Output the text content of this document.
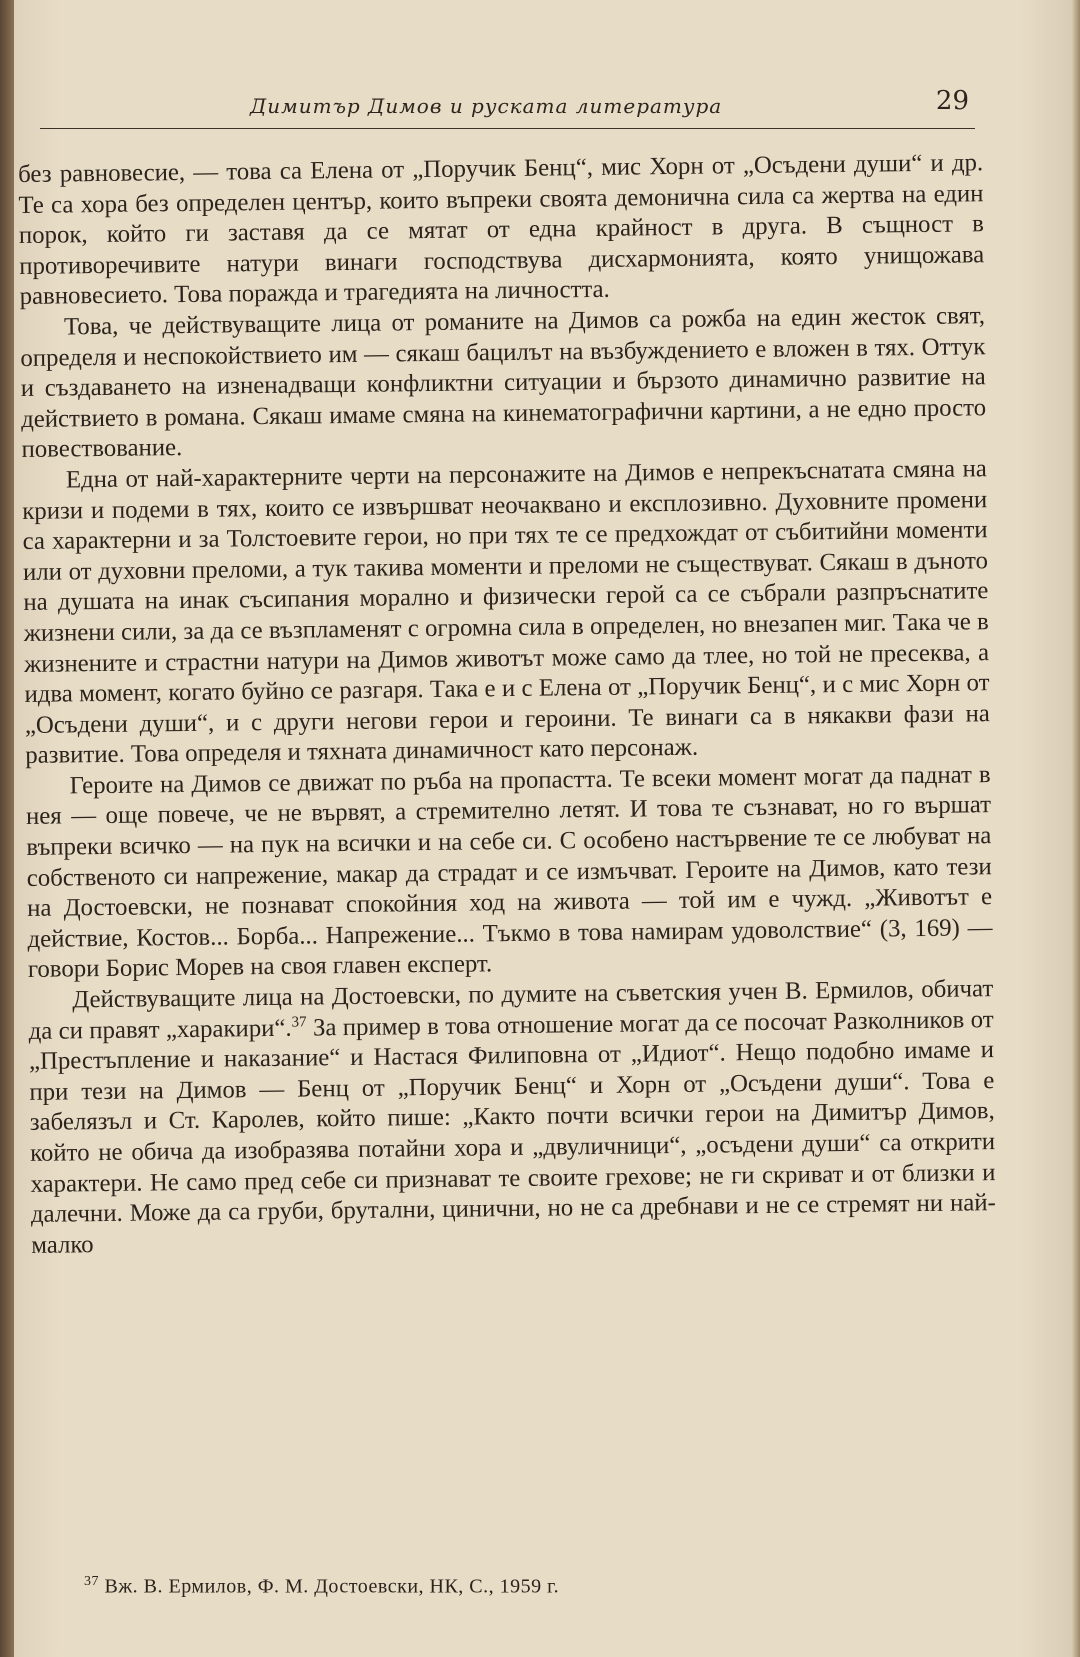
Димитър Димов и руската литература	29

без равновесие, — това са Елена от „Поручик Бенц“, мис Хорн от „Осъдени души“ и др. Те са хора без определен център, които въпреки своята демонична сила са жертва на един порок, който ги заставя да се мятат от една крайност в друга. В същност в противоречивите натури винаги господствува дисхармонията, която унищожава равновесието. Това поражда и трагедията на личността.

Това, че действуващите лица от романите на Димов са рожба на един жесток свят, определя и неспокойствието им — сякаш бацилът на възбуждението е вложен в тях. Оттук и създаването на изненадващи конфликтни ситуации и бързото динамично развитие на действието в романа. Сякаш имаме смяна на кинематографични картини, а не едно просто повествование.

Една от най-характерните черти на персонажите на Димов е непрекъснатата смяна на кризи и подеми в тях, които се извършват неочаквано и експлозивно. Духовните промени са характерни и за Толстоевите герои, но при тях те се предхождат от събитийни моменти или от духовни преломи, а тук такива моменти и преломи не съществуват. Сякаш в дъното на душата на инак съсипания морално и физически герой са се събрали разпръснатите жизнени сили, за да се възпламенят с огромна сила в определен, но внезапен миг. Така че в жизнените и страстни натури на Димов животът може само да тлее, но той не пресеква, а идва момент, когато буйно се разгаря. Така е и с Елена от „Поручик Бенц“, и с мис Хорн от „Осъдени души“, и с други негови герои и героини. Те винаги са в някакви фази на развитие. Това определя и тяхната динамичност като персонаж.

Героите на Димов се движат по ръба на пропастта. Те всеки момент могат да паднат в нея — още повече, че не вървят, а стремително летят. И това те съзнават, но го вършат въпреки всичко — на пук на всички и на себе си. С особено настървение те се любуват на собственото си напрежение, макар да страдат и се измъчват. Героите на Димов, като тези на Достоевски, не познават спокойния ход на живота — той им е чужд. „Животът е действие, Костов... Борба... Напрежение... Тъкмо в това намирам удоволствие“ (3, 169) — говори Борис Морев на своя главен експерт.

Действуващите лица на Достоевски, по думите на съветския учен В. Ермилов, обичат да си правят „харакири“.$^{37}$ За пример в това отношение могат да се посочат Разколников от „Престъпление и наказание“ и Настася Филиповна от „Идиот“. Нещо подобно имаме и при тези на Димов — Бенц от „Поручик Бенц“ и Хорн от „Осъдени души“. Това е забелязъл и Ст. Каролев, който пише: „Както почти всички герои на Димитър Димов, който не обича да изобразява потайни хора и „двуличници“, „осъдени души“ са открити характери. Не само пред себе си признават те своите грехове; не ги скриват и от близки и далечни. Може да са груби, брутални, цинични, но не са дребнави и не се стремят ни най-малко

$^{37}$ Вж. В. Ермилов, Ф. М. Достоевски, НК, С., 1959 г.
